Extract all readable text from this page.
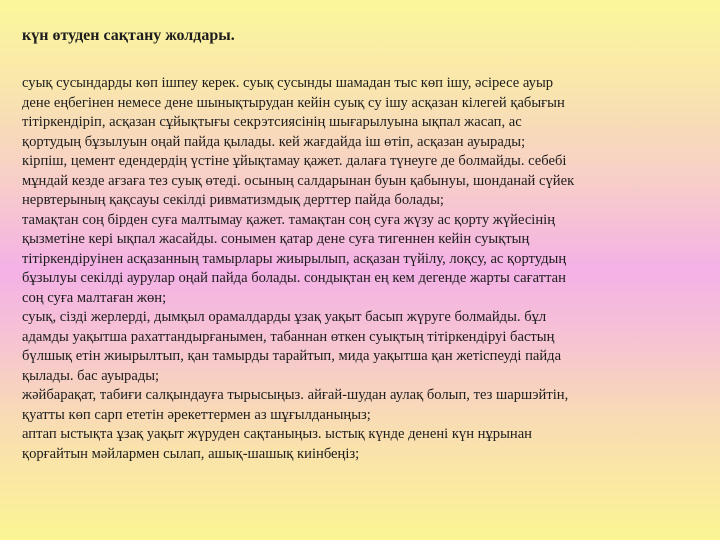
күн өтуден сақтану жолдары.
суық сусындарды көп ішпеу керек. суық сусынды шамадан тыс көп ішу, әсіресе ауыр
дене еңбегінен немесе дене шынықтырудан кейін суық су ішу асқазан кілегей қабығын
тітіркендіріп, асқазан сұйықтығы секрэтсиясінің шығарылуына ықпал жасап, ас
қортудың бұзылуын оңай пайда қылады. кей жағдайда іш өтіп, асқазан ауырады;
кірпіш, цемент едендердің үстіне ұйықтамау қажет. далаға түнеуге де болмайды. себебі
мұндай кезде ағзаға тез суық өтеді. осының салдарынан буын қабынуы, шонданай сүйек
нервтерының қақсауы секілді ривматизмдық дерттер пайда болады;
тамақтан соң бірден суға малтымау қажет. тамақтан соң суға жүзу ас қорту жүйесінің
қызметіне кері ықпал жасайды. сонымен қатар дене суға тигеннен кейін суықтың
тітіркендіруінен асқазанның тамырлары жиырылып, асқазан түйілу, лоқсу, ас қортудың
бұзылуы секілді аурулар оңай пайда болады. сондықтан ең кем дегенде жарты сағаттан
соң суға малтаған жөн;
суық, сізді жерлерді, дымқыл орамалдарды ұзақ уақыт басып жүруге болмайды. бұл
адамды уақытша рахаттандырғанымен, табаннан өткен суықтың тітіркендіруі бастың
бүлшық етін жиырылтып, қан тамырды тарайтып, мида уақытша қан жетіспеуді пайда
қылады. бас ауырады;
жәйбарақат, табиғи салқындауға тырысыңыз. айғай-шудан аулақ болып, тез шаршэйтін,
қуатты көп сарп ететін әрекеттермен аз шұғылданыңыз;
аптап ыстықта ұзақ уақыт жүруден сақтаныңыз. ыстық күнде денені күн нұрынан
қорғайтын мәйлармен сылап, ашық-шашық киінбеңіз;
